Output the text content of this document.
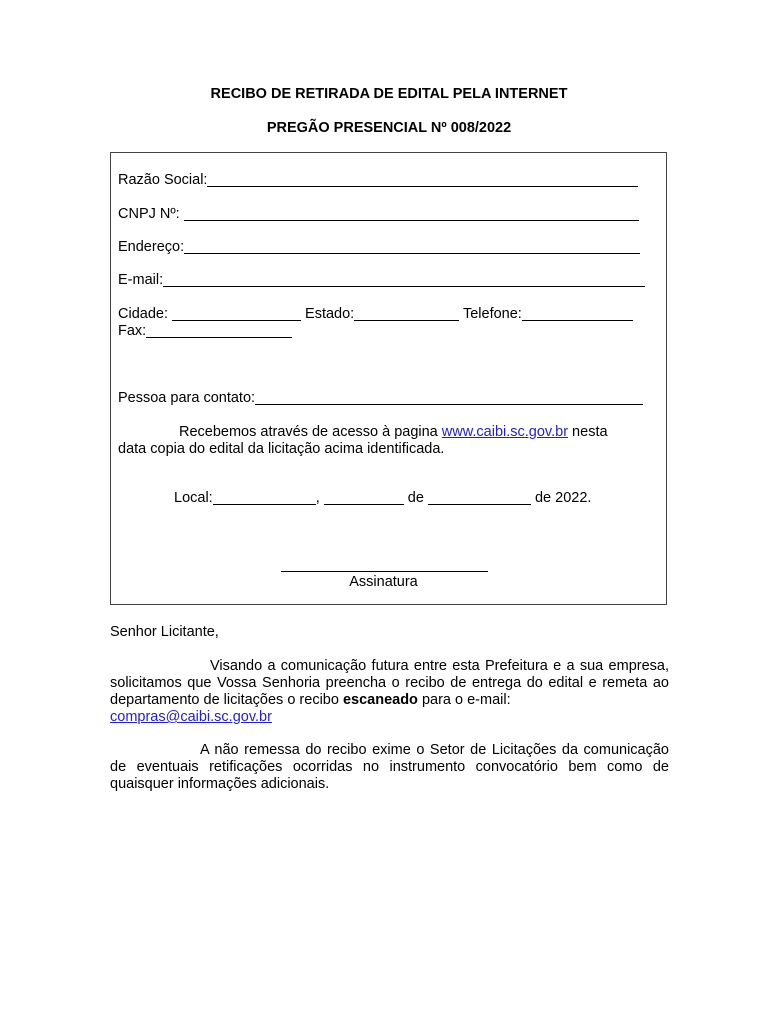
RECIBO DE RETIRADA DE EDITAL PELA INTERNET
PREGÃO PRESENCIAL Nº 008/2022
Razão Social:
CNPJ Nº:
Endereço:
E-mail:
Cidade:	Estado:	Telefone:
Fax:
Pessoa para contato:
Recebemos através de acesso à pagina www.caibi.sc.gov.br nesta
data copia do edital da licitação acima identificada.
Local:	,	de	de 2022.
Assinatura
Senhor Licitante,
Visando a comunicação futura entre esta Prefeitura e a sua empresa, solicitamos que Vossa Senhoria preencha o recibo de entrega do edital e remeta ao departamento de licitações o recibo escaneado para o e-mail:
compras@caibi.sc.gov.br
A não remessa do recibo exime o Setor de Licitações da comunicação de eventuais retificações ocorridas no instrumento convocatório bem como de quaisquer informações adicionais.
